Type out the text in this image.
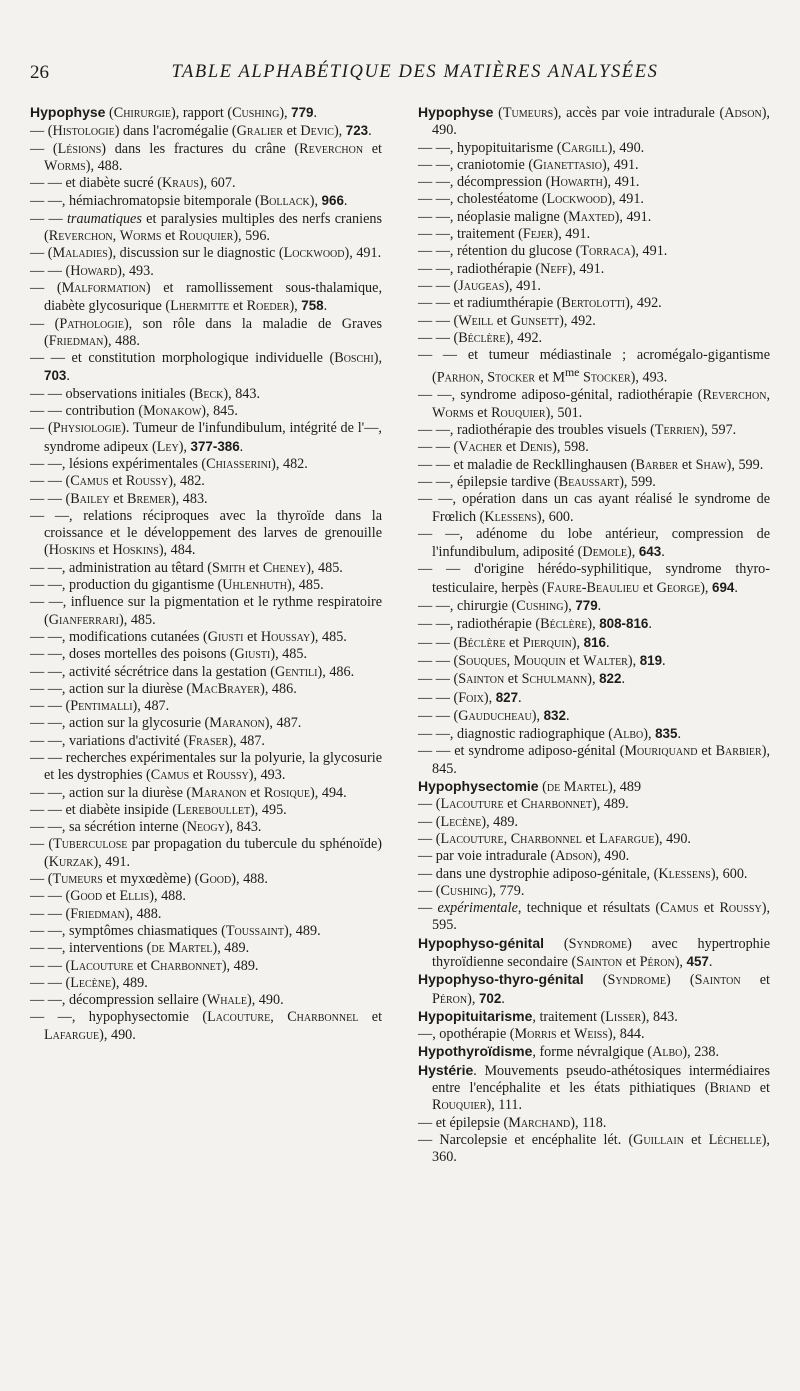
26	TABLE ALPHABÉTIQUE DES MATIÈRES ANALYSÉES

Hypophyse (Chirurgie), rapport (Cushing), 779.

— (Histologie) dans l'acromégalie (Gralier et Devic), 723.

— (Lésions) dans les fractures du crâne (Reverchon et Worms), 488.

— — et diabète sucré (Kraus), 607.

— —, hémiachromatopsie bitemporale (Bollack), 966.

— — traumatiques et paralysies multiples des nerfs craniens (Reverchon, Worms et Rouquier), 596.

— (Maladies), discussion sur le diagnostic (Lockwood), 491.

— — (Howard), 493.

— (Malformation) et ramollissement sous-thalamique, diabète glycosurique (Lhermitte et Roeder), 758.

— (Pathologie), son rôle dans la maladie de Graves (Friedman), 488.

— — et constitution morphologique individuelle (Boschi), 703.

— — observations initiales (Beck), 843.

— — contribution (Monakow), 845.

— (Physiologie). Tumeur de l'infundibulum, intégrité de l'—, syndrome adipeux (Ley), 377-386.

— —, lésions expérimentales (Chiasserini), 482.

— — (Camus et Roussy), 482.

— — (Bailey et Bremer), 483.

— —, relations réciproques avec la thyroïde dans la croissance et le développement des larves de grenouille (Hoskins et Hoskins), 484.

— —, administration au têtard (Smith et Cheney), 485.

— —, production du gigantisme (Uhlenhuth), 485.

— —, influence sur la pigmentation et le rythme respiratoire (Gianferrari), 485.

— —, modifications cutanées (Giusti et Houssay), 485.

— —, doses mortelles des poisons (Giusti), 485.

— —, activité sécrétrice dans la gestation (Gentili), 486.

— —, action sur la diurèse (MacBrayer), 486.

— — (Pentimalli), 487.

— —, action sur la glycosurie (Maranon), 487.

— —, variations d'activité (Fraser), 487.

— — recherches expérimentales sur la polyurie, la glycosurie et les dystrophies (Camus et Roussy), 493.

— —, action sur la diurèse (Maranon et Rosique), 494.

— — et diabète insipide (Lereboullet), 495.

— —, sa sécrétion interne (Neogy), 843.

— (Tuberculose par propagation du tubercule du sphénoïde) (Kurzak), 491.

— (Tumeurs et myxœdème) (Good), 488.

— — (Good et Ellis), 488.

— — (Friedman), 488.

— —, symptômes chiasmatiques (Toussaint), 489.

— —, interventions (de Martel), 489.

— — (Lacouture et Charbonnet), 489.

— — (Lecène), 489.

— —, décompression sellaire (Whale), 490.

— —, hypophysectomie (Lacouture, Charbonnel et Lafargue), 490.

Hypophyse (Tumeurs), accès par voie intradurale (Adson), 490.

— —, hypopituitarisme (Cargill), 490.

— —, craniotomie (Gianettasio), 491.

— —, décompression (Howarth), 491.

— —, cholestéatome (Lockwood), 491.

— —, néoplasie maligne (Maxted), 491.

— —, traitement (Fejer), 491.

— —, rétention du glucose (Torraca), 491.

— —, radiothérapie (Neff), 491.

— — (Jaugeas), 491.

— — et radiumthérapie (Bertolotti), 492.

— — (Weill et Gunsett), 492.

— — (Béclère), 492.

— — et tumeur médiastinale ; acromégalo-gigantisme (Parhon, Stocker et $M^{me}$ Stocker), 493.

— —, syndrome adiposo-génital, radiothérapie (Reverchon, Worms et Rouquier), 501.

— —, radiothérapie des troubles visuels (Terrien), 597.

— — (Vacher et Denis), 598.

— — et maladie de Reckllinghausen (Barber et Shaw), 599.

— —, épilepsie tardive (Beaussart), 599.

— —, opération dans un cas ayant réalisé le syndrome de Frœlich (Klessens), 600.

— —, adénome du lobe antérieur, compression de l'infundibulum, adiposité (Demole), 643.

— — d'origine hérédo-syphilitique, syndrome thyro-testiculaire, herpès (Faure-Beaulieu et George), 694.

— —, chirurgie (Cushing), 779.

— —, radiothérapie (Béclère), 808-816.

— — (Béclère et Pierquin), 816.

— — (Souques, Mouquin et Walter), 819.

— — (Sainton et Schulmann), 822.

— — (Foix), 827.

— — (Gauducheau), 832.

— —, diagnostic radiographique (Albo), 835.

— — et syndrome adiposo-génital (Mouriquand et Barbier), 845.

Hypophysectomie (de Martel), 489

— (Lacouture et Charbonnet), 489.

— (Lecène), 489.

— (Lacouture, Charbonnel et Lafargue), 490.

— par voie intradurale (Adson), 490.

— dans une dystrophie adiposo-génitale, (Klessens), 600.

— (Cushing), 779.

— expérimentale, technique et résultats (Camus et Roussy), 595.

Hypophyso-génital (Syndrome) avec hypertrophie thyroïdienne secondaire (Sainton et Péron), 457.

Hypophyso-thyro-génital (Syndrome) (Sainton et Péron), 702.

Hypopituitarisme, traitement (Lisser), 843.

—, opothérapie (Morris et Weiss), 844.

Hypothyroïdisme, forme névralgique (Albo), 238.

Hystérie. Mouvements pseudo-athétosiques intermédiaires entre l'encéphalite et les états pithiatiques (Briand et Rouquier), 111.

— et épilepsie (Marchand), 118.

— Narcolepsie et encéphalite lét. (Guillain et Léchelle), 360.
